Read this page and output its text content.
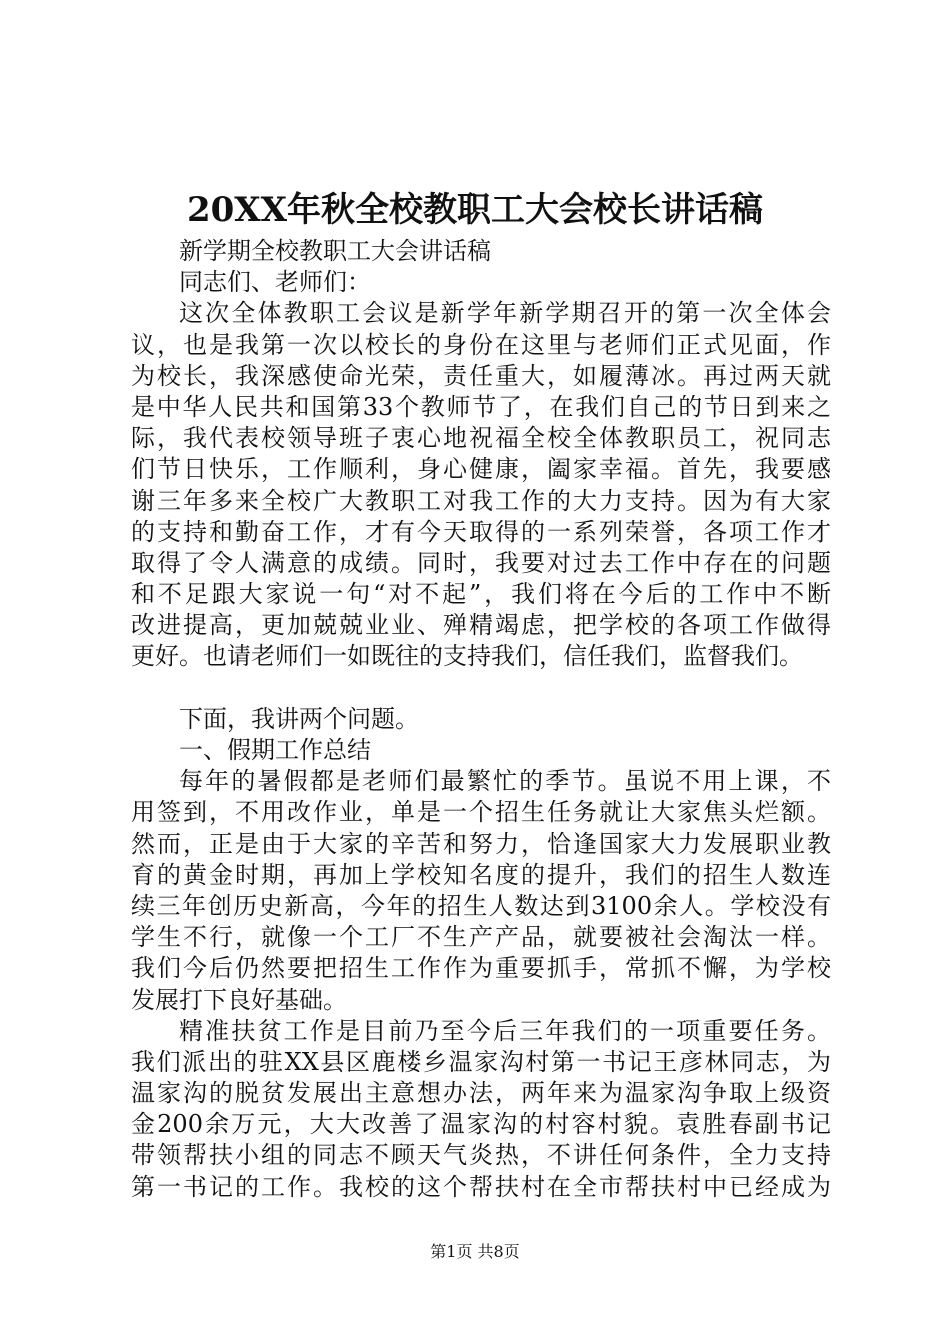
20XX年秋全校教职工大会校长讲话稿
新学期全校教职工大会讲话稿
同志们、老师们：
这次全体教职工会议是新学年新学期召开的第一次全体会
议，也是我第一次以校长的身份在这里与老师们正式见面，作
为校长，我深感使命光荣，责任重大，如履薄冰。再过两天就
是中华人民共和国第33个教师节了，在我们自己的节日到来之
际，我代表校领导班子衷心地祝福全校全体教职员工，祝同志
们节日快乐，工作顺利，身心健康，阖家幸福。首先，我要感
谢三年多来全校广大教职工对我工作的大力支持。因为有大家
的支持和勤奋工作，才有今天取得的一系列荣誉，各项工作才
取得了令人满意的成绩。同时，我要对过去工作中存在的问题
和不足跟大家说一句“对不起”，我们将在今后的工作中不断
改进提高，更加兢兢业业、殚精竭虑，把学校的各项工作做得
更好。也请老师们一如既往的支持我们，信任我们，监督我们。
下面，我讲两个问题。
一、假期工作总结
每年的暑假都是老师们最繁忙的季节。虽说不用上课，不
用签到，不用改作业，单是一个招生任务就让大家焦头烂额。
然而，正是由于大家的辛苦和努力，恰逢国家大力发展职业教
育的黄金时期，再加上学校知名度的提升，我们的招生人数连
续三年创历史新高，今年的招生人数达到3100余人。学校没有
学生不行，就像一个工厂不生产产品，就要被社会淘汰一样。
我们今后仍然要把招生工作作为重要抓手，常抓不懈，为学校
发展打下良好基础。
精准扶贫工作是目前乃至今后三年我们的一项重要任务。
我们派出的驻XX县区鹿楼乡温家沟村第一书记王彦林同志，为
温家沟的脱贫发展出主意想办法，两年来为温家沟争取上级资
金200余万元，大大改善了温家沟的村容村貌。袁胜春副书记
带领帮扶小组的同志不顾天气炎热，不讲任何条件，全力支持
第一书记的工作。我校的这个帮扶村在全市帮扶村中已经成为
第1页 共8页
